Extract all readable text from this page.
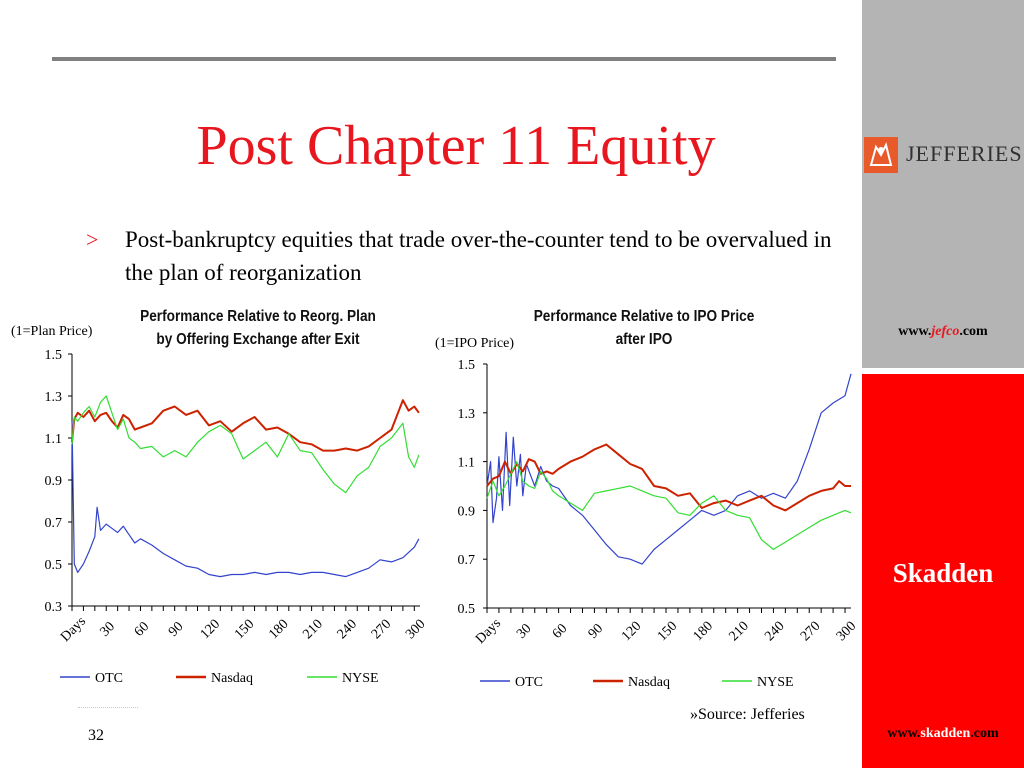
Post Chapter 11 Equity
> Post-bankruptcy equities that trade over-the-counter tend to be overvalued in the plan of reorganization
JEFFERIES
www.jefco.com
Skadden
www.skadden.com
Performance Relative to Reorg. Plan
by Offering Exchange after Exit
(1=Plan Price)
Performance Relative to IPO Price
after IPO
(1=IPO Price)
0.3
0.5
0.7
0.9
1.1
1.3
1.5
Days 30 60 90 120 150 180 210 240 270 300
OTC	Nasdaq	NYSE
0.5
0.7
0.9
1.1
1.3
1.5
Days 30 60 90 120 150 180 210 240 270 300
OTC	Nasdaq	NYSE
32
»Source: Jefferies
